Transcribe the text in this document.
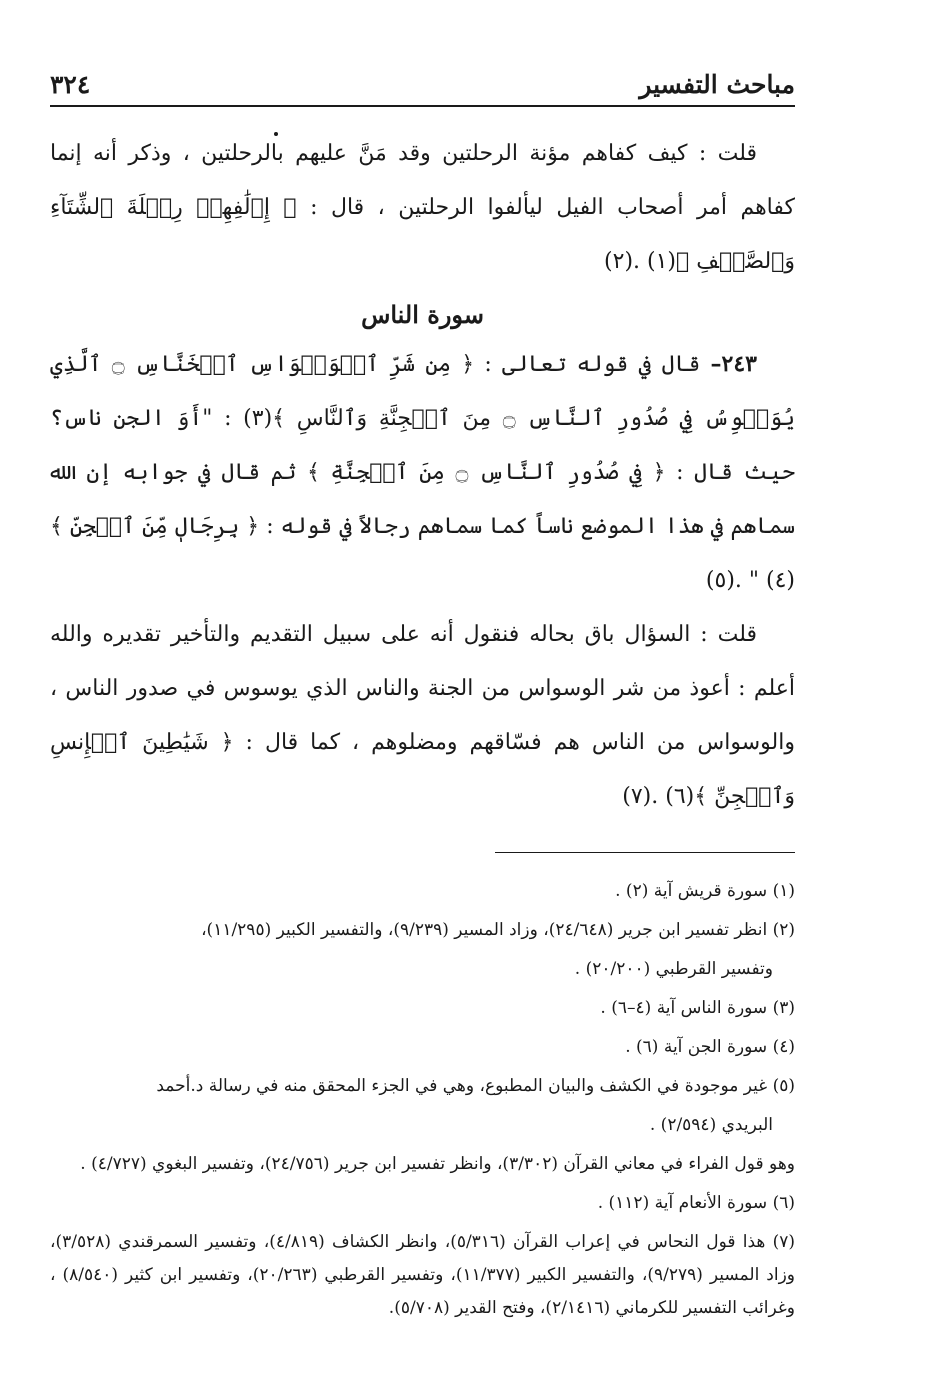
مباحث التفسير
٣٢٤

قلت : كيف كفاهم مؤنة الرحلتين وقد مَنَّ عليهم بالرحلتين ، وذكر أنه إنما كفاهم أمر أصحاب الفيل ليألفوا الرحلتين ، قال : ﴿ إِۦلَٰفِهِمۡ رِحۡلَةَ ٱلشِّتَآءِ وَٱلصَّيۡفِ ﴾(١) .(٢)

سورة الناس

٢٤٣– قال في قوله تعالى : ﴿ مِن شَرِّ ٱلۡوَسۡوَاسِ ٱلۡخَنَّاسِ ۝ ٱلَّذِي يُوَسۡوِسُ فِي صُدُورِ ٱلنَّاسِ ۝ مِنَ ٱلۡجِنَّةِ وَٱلنَّاسِ ﴾(٣) : "أَوَ الجن ناس؟ حيث قال : ﴿ فِي صُدُورِ ٱلنَّاسِ ۝ مِنَ ٱلۡجِنَّةِ ﴾ ثم قال في جوابه إن الله سماهم في هذا الموضع ناساً كما سماهم رجالاً في قوله : ﴿ بِرِجَالٖ مِّنَ ٱلۡجِنِّ ﴾(٤) " .(٥)

قلت : السؤال باق بحاله فنقول أنه على سبيل التقديم والتأخير تقديره والله أعلم : أعوذ من شر الوسواس من الجنة والناس الذي يوسوس في صدور الناس ، والوسواس من الناس هم فسّاقهم ومضلوهم ، كما قال : ﴿ شَيَٰطِينَ ٱلۡإِنسِ وَٱلۡجِنِّ ﴾(٦) .(٧)

(١) سورة قريش آية (٢) .

(٢) انظر تفسير ابن جرير (٢٤/٦٤٨)، وزاد المسير (٩/٢٣٩)، والتفسير الكبير (١١/٢٩٥)،

وتفسير القرطبي (٢٠/٢٠٠) .

(٣) سورة الناس آية (٤–٦) .

(٤) سورة الجن آية (٦) .

(٥) غير موجودة في الكشف والبيان المطبوع، وهي في الجزء المحقق منه في رسالة د.أحمد

البريدي (٢/٥٩٤) .

وهو قول الفراء في معاني القرآن (٣/٣٠٢)، وانظر تفسير ابن جرير (٢٤/٧٥٦)، وتفسير البغوي (٤/٧٢٧) .

(٦) سورة الأنعام آية (١١٢) .

(٧) هذا قول النحاس في إعراب القرآن (٥/٣١٦)، وانظر الكشاف (٤/٨١٩)، وتفسير السمرقندي (٣/٥٢٨)، وزاد المسير (٩/٢٧٩)، والتفسير الكبير (١١/٣٧٧)، وتفسير القرطبي (٢٠/٢٦٣)، وتفسير ابن كثير (٨/٥٤٠) ، وغرائب التفسير للكرماني (٢/١٤١٦)، وفتح القدير (٥/٧٠٨).
